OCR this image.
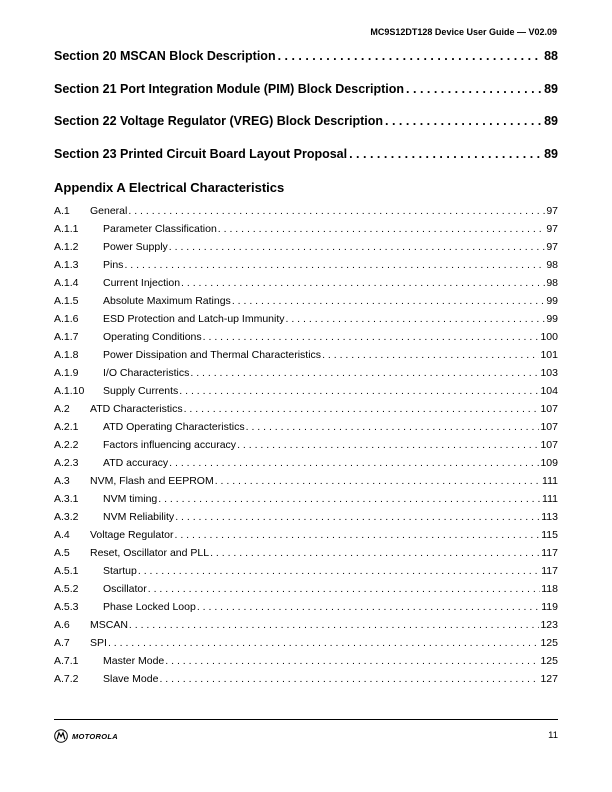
MC9S12DT128 Device User Guide — V02.09
Section 20 MSCAN Block Description . . .	88
Section 21 Port Integration Module (PIM) Block Description . . .	89
Section 22 Voltage Regulator (VREG) Block Description . . .	89
Section 23 Printed Circuit Board Layout Proposal . . .	89
Appendix A Electrical Characteristics
A.1	General . . .	97
A.1.1	Parameter Classification . . .	97
A.1.2	Power Supply . . .	97
A.1.3	Pins . . .	98
A.1.4	Current Injection . . .	98
A.1.5	Absolute Maximum Ratings . . .	99
A.1.6	ESD Protection and Latch-up Immunity . . .	99
A.1.7	Operating Conditions . . .	100
A.1.8	Power Dissipation and Thermal Characteristics . . .	101
A.1.9	I/O Characteristics . . .	103
A.1.10	Supply Currents . . .	104
A.2	ATD Characteristics . . .	107
A.2.1	ATD Operating Characteristics . . .	107
A.2.2	Factors influencing accuracy . . .	107
A.2.3	ATD accuracy . . .	109
A.3	NVM, Flash and EEPROM . . .	111
A.3.1	NVM timing . . .	111
A.3.2	NVM Reliability . . .	113
A.4	Voltage Regulator . . .	115
A.5	Reset, Oscillator and PLL . . .	117
A.5.1	Startup . . .	117
A.5.2	Oscillator . . .	118
A.5.3	Phase Locked Loop . . .	119
A.6	MSCAN . . .	123
A.7	SPI . . .	125
A.7.1	Master Mode . . .	125
A.7.2	Slave Mode . . .	127
MOTOROLA	11
